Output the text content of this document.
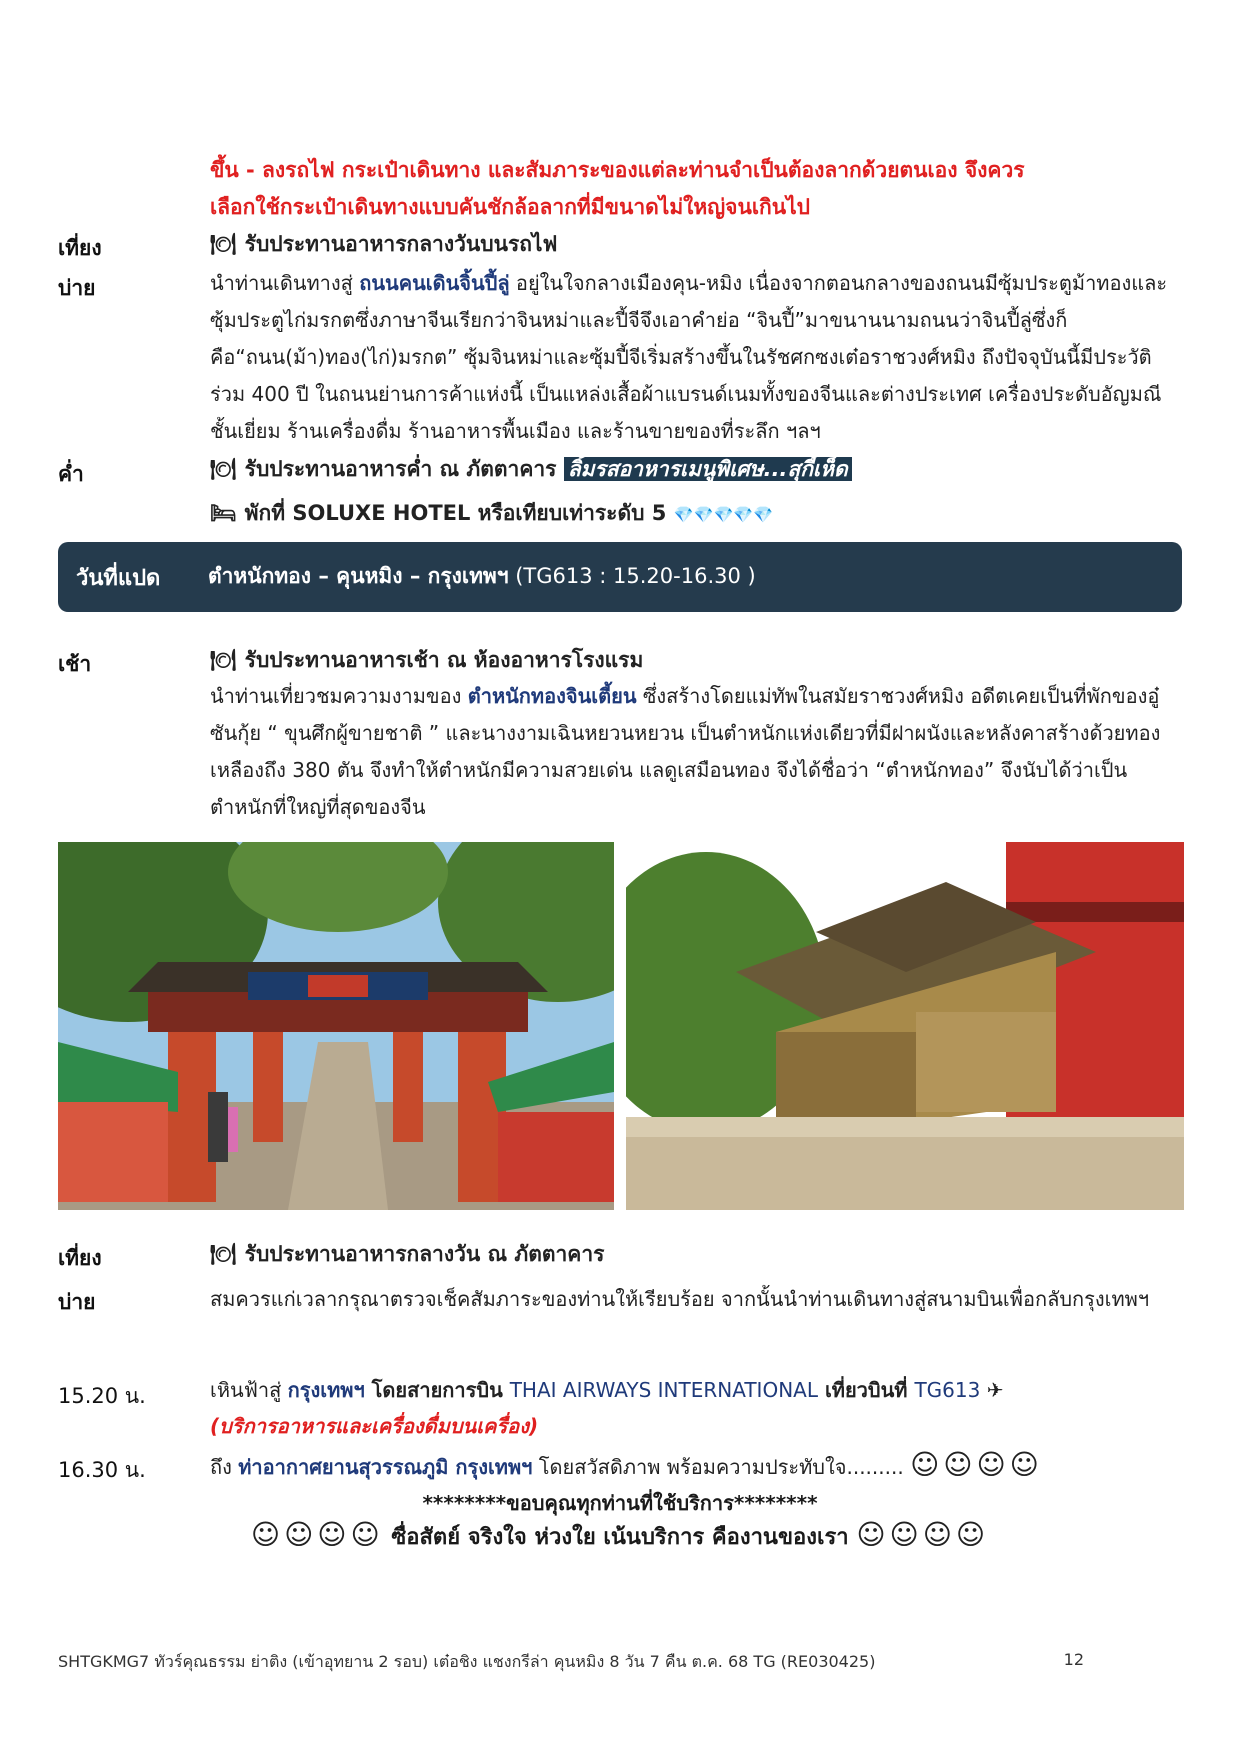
ขึ้น - ลงรถไฟ กระเป๋าเดินทาง และสัมภาระของแต่ละท่านจำเป็นต้องลากด้วยตนเอง จึงควร
เลือกใช้กระเป๋าเดินทางแบบคันชักล้อลากที่มีขนาดไม่ใหญ่จนเกินไป
เที่ยง	🍽 รับประทานอาหารกลางวันบนรถไฟ
บ่าย	นำท่านเดินทางสู่ ถนนคนเดินจิ้นปี้ลู่ อยู่ในใจกลางเมืองคุน-หมิง เนื่องจากตอนกลางของถนนมีซุ้มประตูม้าทองและซุ้มประตูไก่มรกตซึ่งภาษาจีนเรียกว่าจินหม่าและปี้จีจึงเอาคำย่อ “จินปี้”มาขนานนามถนนว่าจินปี้ลู่ซึ่งก็คือ“ถนน(ม้า)ทอง(ไก่)มรกต” ซุ้มจินหม่าและซุ้มปี้จีเริ่มสร้างขึ้นในรัชศกซงเต๋อราชวงศ์หมิง ถึงปัจจุบันนี้มีประวัติร่วม 400 ปี ในถนนย่านการค้าแห่งนี้ เป็นแหล่งเสื้อผ้าแบรนด์เนมทั้งของจีนและต่างประเทศ เครื่องประดับอัญมณีชั้นเยี่ยม ร้านเครื่องดื่ม ร้านอาหารพื้นเมือง และร้านขายของที่ระลึก ฯลฯ
ค่ำ	🍽 รับประทานอาหารค่ำ ณ ภัตตาคาร ลิ้มรสอาหารเมนูพิเศษ...สุกี้เห็ด
🛏 พักที่ SOLUXE HOTEL หรือเทียบเท่าระดับ 5 💎💎💎💎💎
วันที่แปด ตำหนักทอง – คุนหมิง – กรุงเทพฯ (TG613 : 15.20-16.30 )
เช้า	🍽 รับประทานอาหารเช้า ณ ห้องอาหารโรงแรม
นำท่านเที่ยวชมความงามของ ตำหนักทองจินเตี้ยน ซึ่งสร้างโดยแม่ทัพในสมัยราชวงศ์หมิง อดีตเคยเป็นที่พักของอู๋ซันกุ้ย “ ขุนศึกผู้ขายชาติ ” และนางงามเฉินหยวนหยวน เป็นตำหนักแห่งเดียวที่มีฝาผนังและหลังคาสร้างด้วยทองเหลืองถึง 380 ตัน จึงทำให้ตำหนักมีความสวยเด่น แลดูเสมือนทอง จึงได้ชื่อว่า “ตำหนักทอง” จึงนับได้ว่าเป็นตำหนักที่ใหญ่ที่สุดของจีน
เที่ยง	🍽 รับประทานอาหารกลางวัน ณ ภัตตาคาร
บ่าย	สมควรแก่เวลากรุณาตรวจเช็คสัมภาระของท่านให้เรียบร้อย จากนั้นนำท่านเดินทางสู่สนามบินเพื่อกลับกรุงเทพฯ
15.20 น.	เหินฟ้าสู่ กรุงเทพฯ โดยสายการบิน THAI AIRWAYS INTERNATIONAL เที่ยวบินที่ TG613 ✈
(บริการอาหารและเครื่องดื่มบนเครื่อง)
16.30 น.	ถึง ท่าอากาศยานสุวรรณภูมิ กรุงเทพฯ โดยสวัสดิภาพ พร้อมความประทับใจ......... ☺☺☺☺
********ขอบคุณทุกท่านที่ใช้บริการ********
☺☺☺☺ ซื่อสัตย์ จริงใจ ห่วงใย เน้นบริการ คืองานของเรา ☺☺☺☺
SHTGKMG7 ทัวร์คุณธรรม ย่าติง (เข้าอุทยาน 2 รอบ) เต๋อชิง แชงกรีล่า คุนหมิง 8 วัน 7 คืน ต.ค. 68 TG (RE030425)	12
